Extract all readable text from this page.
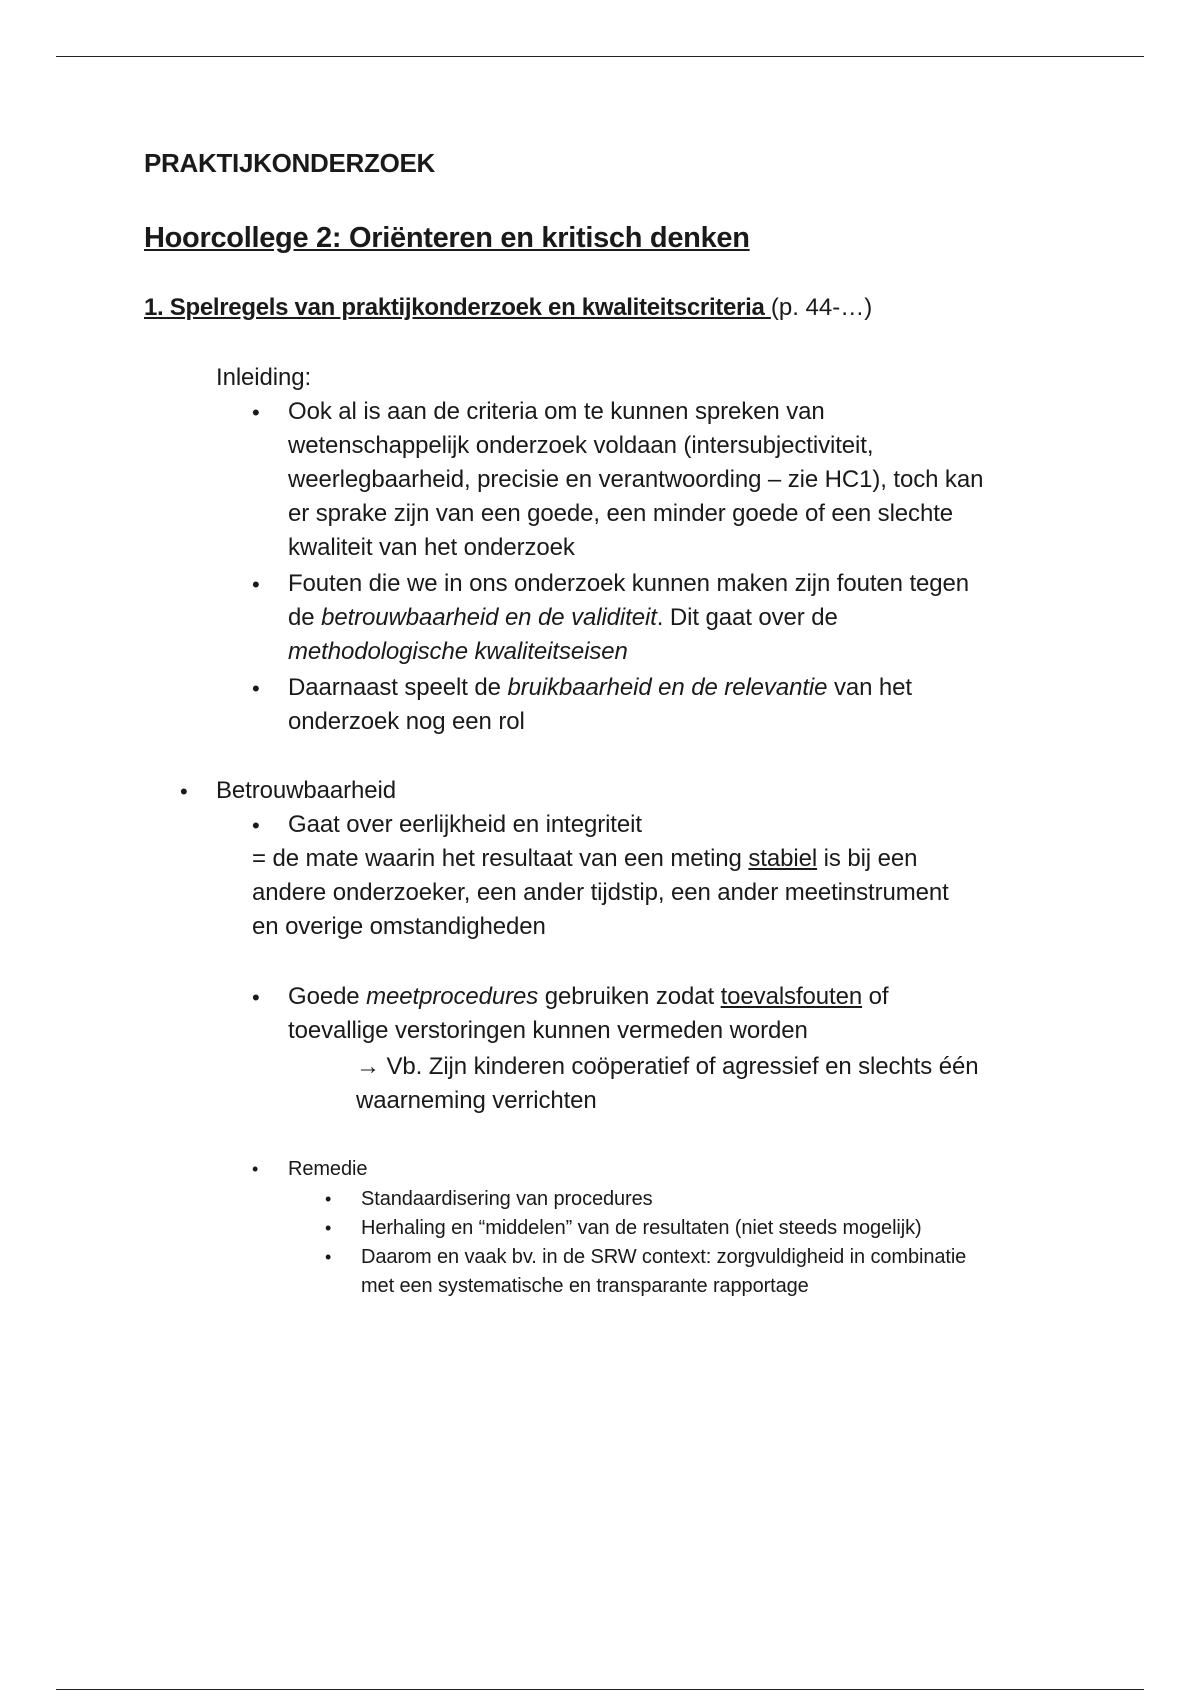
PRAKTIJKONDERZOEK
Hoorcollege 2: Oriënteren en kritisch denken
1. Spelregels van praktijkonderzoek en kwaliteitscriteria (p. 44-…)
Inleiding:
• Ook al is aan de criteria om te kunnen spreken van
wetenschappelijk onderzoek voldaan (intersubjectiviteit,
weerlegbaarheid, precisie en verantwoording – zie HC1), toch kan
er sprake zijn van een goede, een minder goede of een slechte
kwaliteit van het onderzoek
• Fouten die we in ons onderzoek kunnen maken zijn fouten tegen
de betrouwbaarheid en de validiteit. Dit gaat over de
methodologische kwaliteitseisen
• Daarnaast speelt de bruikbaarheid en de relevantie van het
onderzoek nog een rol
• Betrouwbaarheid
• Gaat over eerlijkheid en integriteit
= de mate waarin het resultaat van een meting stabiel is bij een
andere onderzoeker, een ander tijdstip, een ander meetinstrument
en overige omstandigheden
• Goede meetprocedures gebruiken zodat toevalsfouten of
toevallige verstoringen kunnen vermeden worden
→ Vb. Zijn kinderen coöperatief of agressief en slechts één
waarneming verrichten
• Remedie
• Standaardisering van procedures
• Herhaling en “middelen” van de resultaten (niet steeds mogelijk)
• Daarom en vaak bv. in de SRW context: zorgvuldigheid in combinatie
met een systematische en transparante rapportage
